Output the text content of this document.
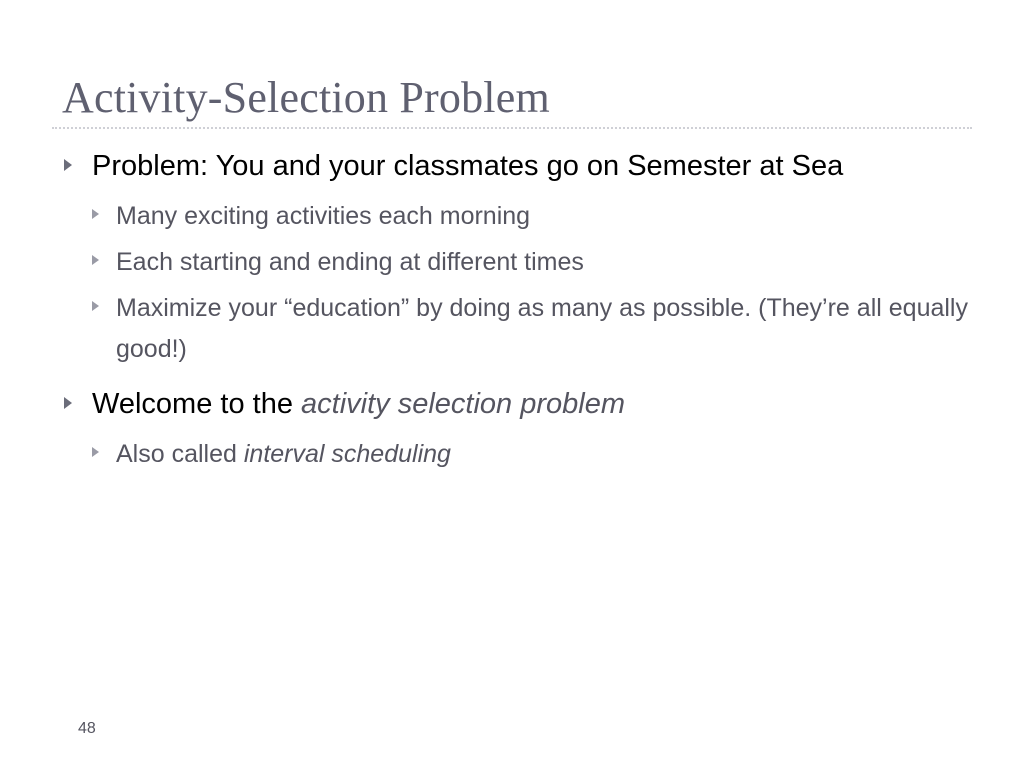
Activity-Selection Problem
Problem: You and your classmates go on Semester at Sea
Many exciting activities each morning
Each starting and ending at different times
Maximize your “education” by doing as many as possible. (They’re all equally good!)
Welcome to the activity selection problem
Also called interval scheduling
48
